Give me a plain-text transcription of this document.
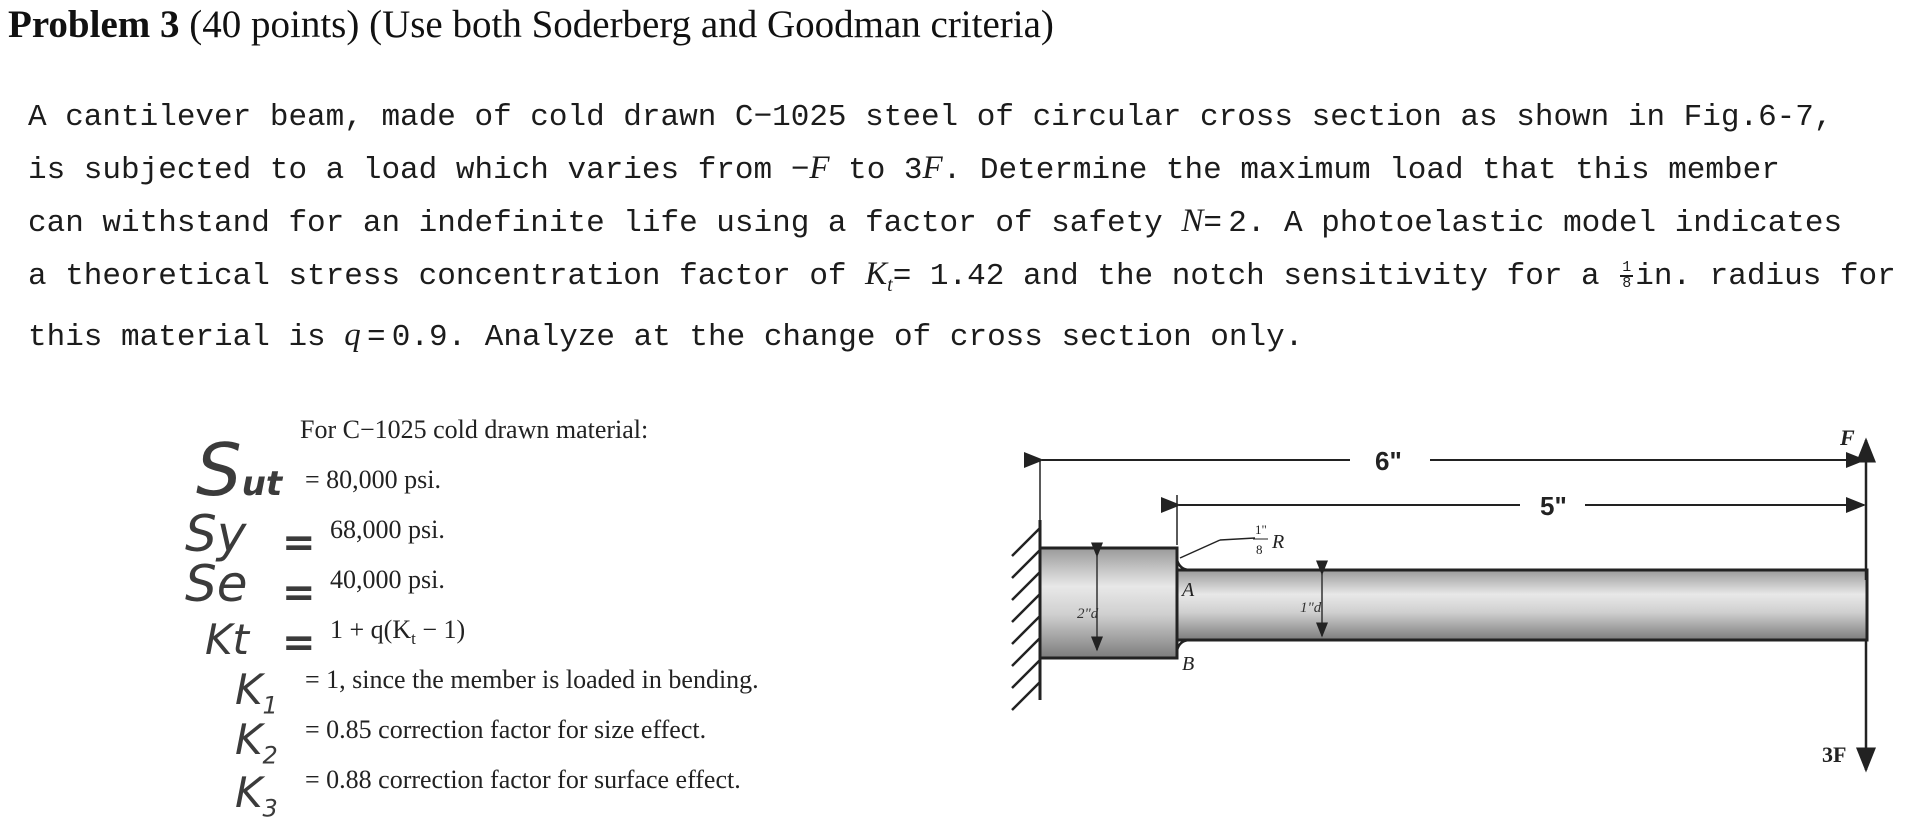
Problem 3 (40 points) (Use both Soderberg and Goodman criteria)
A cantilever beam, made of cold drawn C−1025 steel of circular cross section as shown in Fig.6-7,
is subjected to a load which varies from −F to 3F. Determine the maximum load that this member
can withstand for an indefinite life using a factor of safety N= 2. A photoelastic model indicates
a theoretical stress concentration factor of $K_t= 1.42$ and the notch sensitivity for a $\frac{1}{8}$ in. radius for
this material is q = 0.9. Analyze at the change of cross section only.
For C−1025 cold drawn material:
= 80,000 psi.
68,000 psi.
40,000 psi.
$1 + q(K_t - 1)$
= 1, since the member is loaded in bending.
= 0.85 correction factor for size effect.
= 0.88 correction factor for surface effect.
Sut
Sy
Se
Kt
$K_1$
$K_2$
$K_3$
=
=
=
2"d	1"d
6"
5"
F
3F
1"
8 R
A
B
